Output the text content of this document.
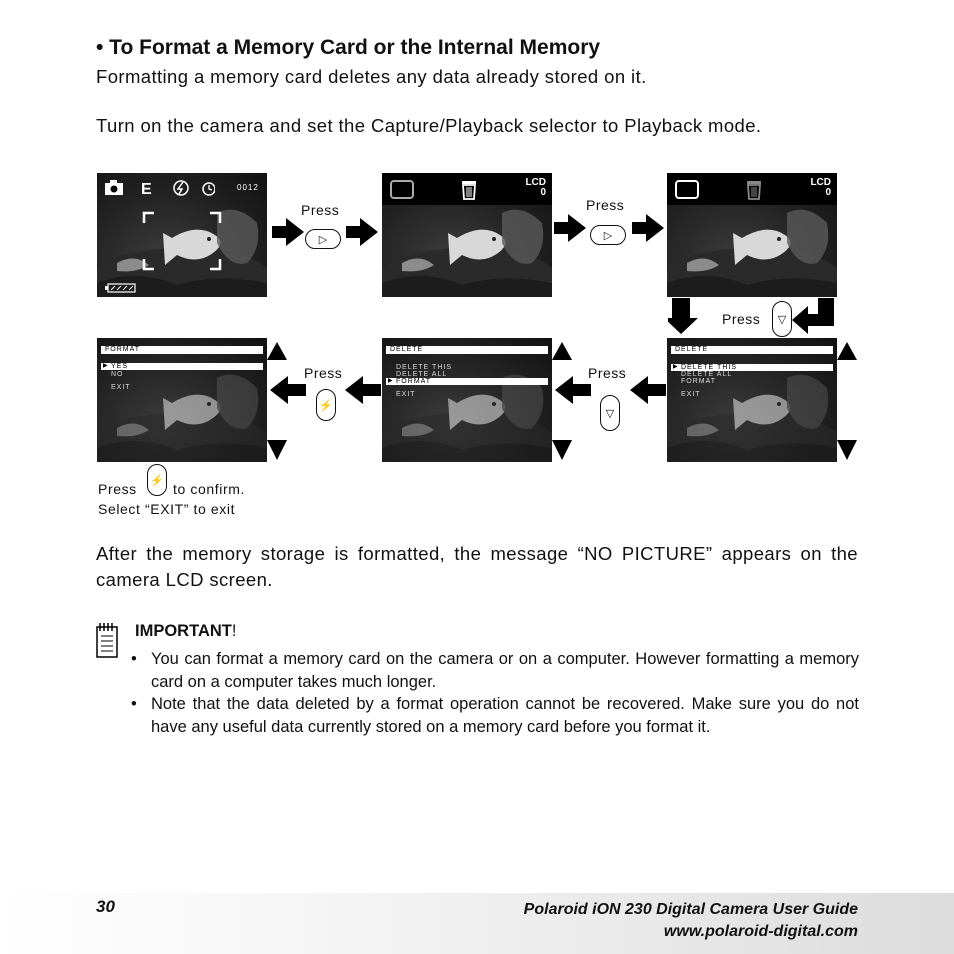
• To Format a Memory Card or the Internal Memory
Formatting a memory card deletes any data already stored on it.
Turn on the camera and set the Capture/Playback selector to Playback mode.
E	0012	LCD
0
LCD
0
Press
▷
Press
▷
Press	▽
FORMAT
▶ YES
NO
EXIT
DELETE
DELETE THIS
DELETE ALL
▶ FORMAT
EXIT
DELETE
▶ DELETE THIS
DELETE ALL
FORMAT
EXIT
Press
⚡
Press
▽
Press
⚡
to confirm.
Select “EXIT” to exit
After the memory storage is formatted, the message “NO PICTURE” appears on the camera LCD screen.
IMPORTANT!
• You can format a memory card on the camera or on a computer. However formatting a memory card on a computer takes much longer.
• Note that the data deleted by a format operation cannot be recovered. Make sure you do not have any useful data currently stored on a memory card before you format it.
30	Polaroid iON 230 Digital Camera User Guide
www.polaroid-digital.com
